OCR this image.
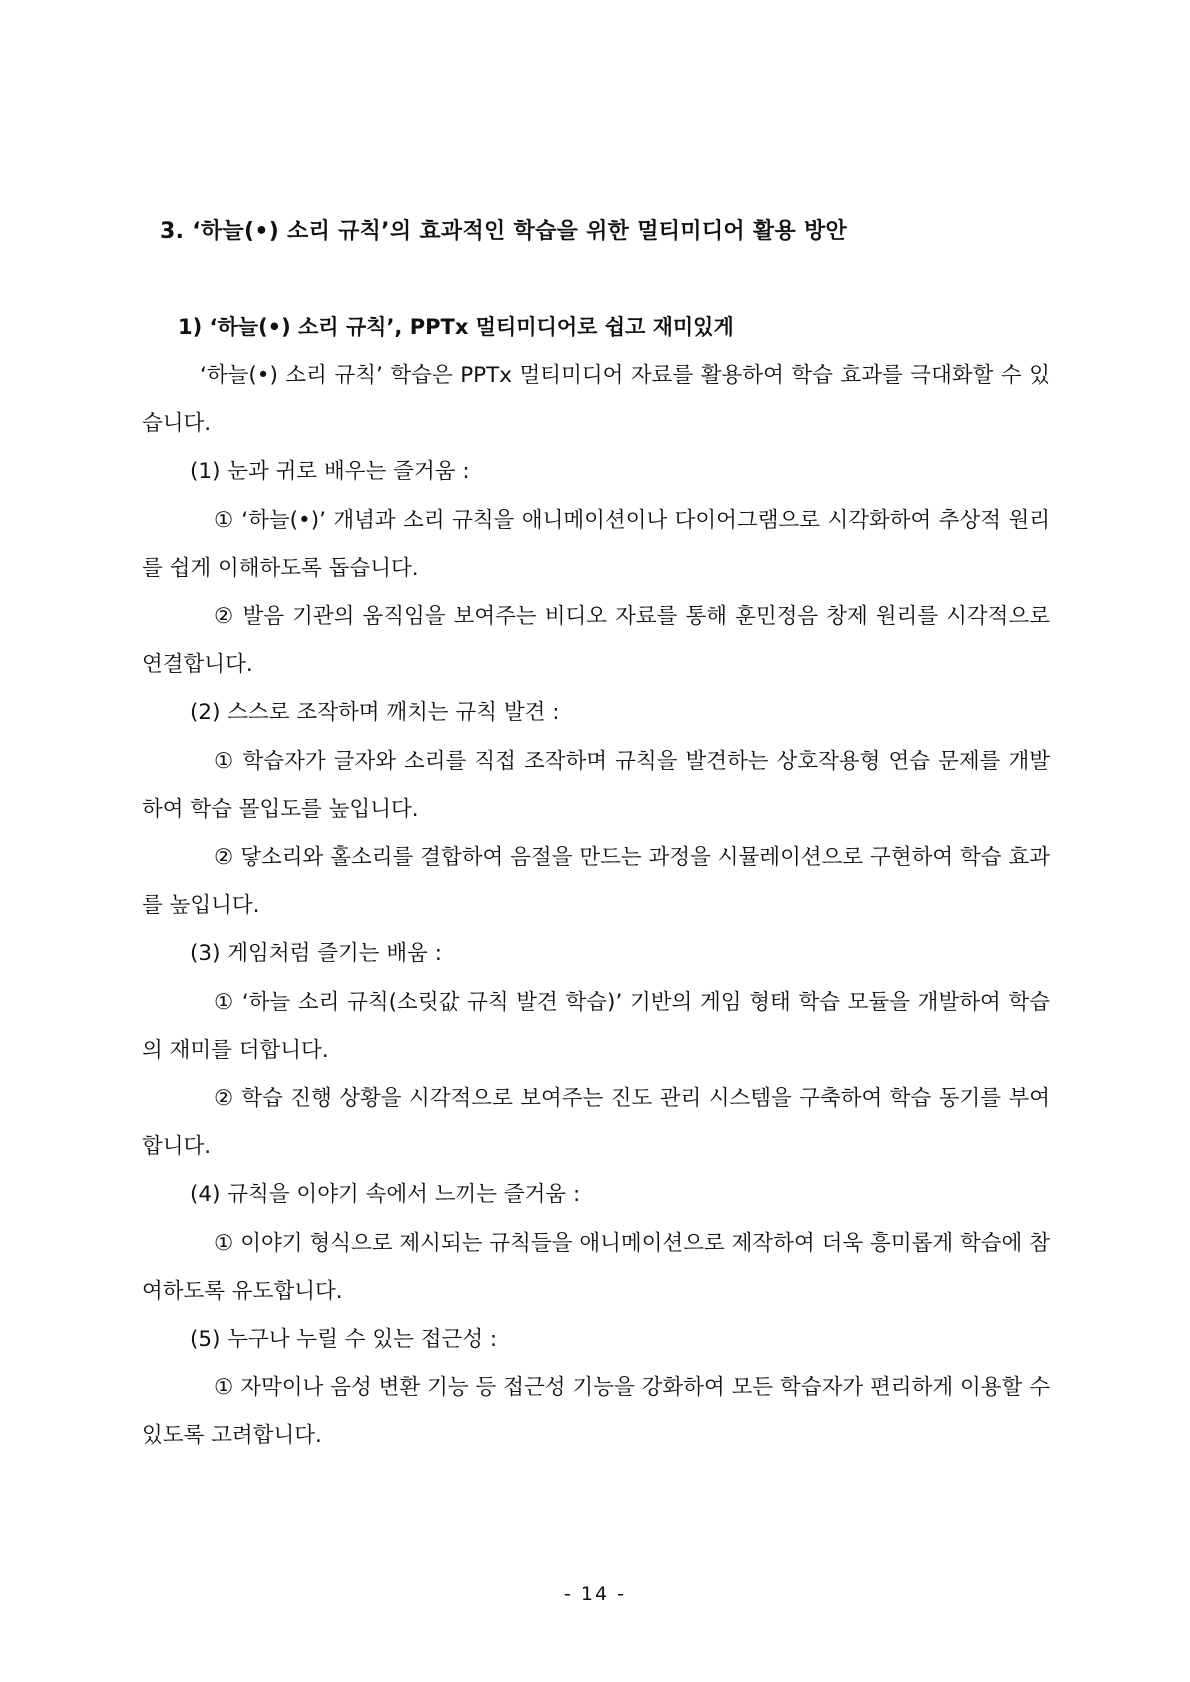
3. ‘하늘(•) 소리 규칙’의 효과적인 학습을 위한 멀티미디어 활용 방안
1) ‘하늘(•) 소리 규칙’, PPTx 멀티미디어로 쉽고 재미있게

‘하늘(•) 소리 규칙’ 학습은 PPTx 멀티미디어 자료를 활용하여 학습 효과를 극대화할 수 있습니다.

(1) 눈과 귀로 배우는 즐거움 :

① ‘하늘(•)’ 개념과 소리 규칙을 애니메이션이나 다이어그램으로 시각화하여 추상적 원리를 쉽게 이해하도록 돕습니다.

② 발음 기관의 움직임을 보여주는 비디오 자료를 통해 훈민정음 창제 원리를 시각적으로 연결합니다.

(2) 스스로 조작하며 깨치는 규칙 발견 :

① 학습자가 글자와 소리를 직접 조작하며 규칙을 발견하는 상호작용형 연습 문제를 개발하여 학습 몰입도를 높입니다.

② 닿소리와 홀소리를 결합하여 음절을 만드는 과정을 시뮬레이션으로 구현하여 학습 효과를 높입니다.

(3) 게임처럼 즐기는 배움 :

① ‘하늘 소리 규칙(소릿값 규칙 발견 학습)’ 기반의 게임 형태 학습 모듈을 개발하여 학습의 재미를 더합니다.

② 학습 진행 상황을 시각적으로 보여주는 진도 관리 시스템을 구축하여 학습 동기를 부여합니다.

(4) 규칙을 이야기 속에서 느끼는 즐거움 :

① 이야기 형식으로 제시되는 규칙들을 애니메이션으로 제작하여 더욱 흥미롭게 학습에 참여하도록 유도합니다.

(5) 누구나 누릴 수 있는 접근성 :

① 자막이나 음성 변환 기능 등 접근성 기능을 강화하여 모든 학습자가 편리하게 이용할 수 있도록 고려합니다.

- 14 -
